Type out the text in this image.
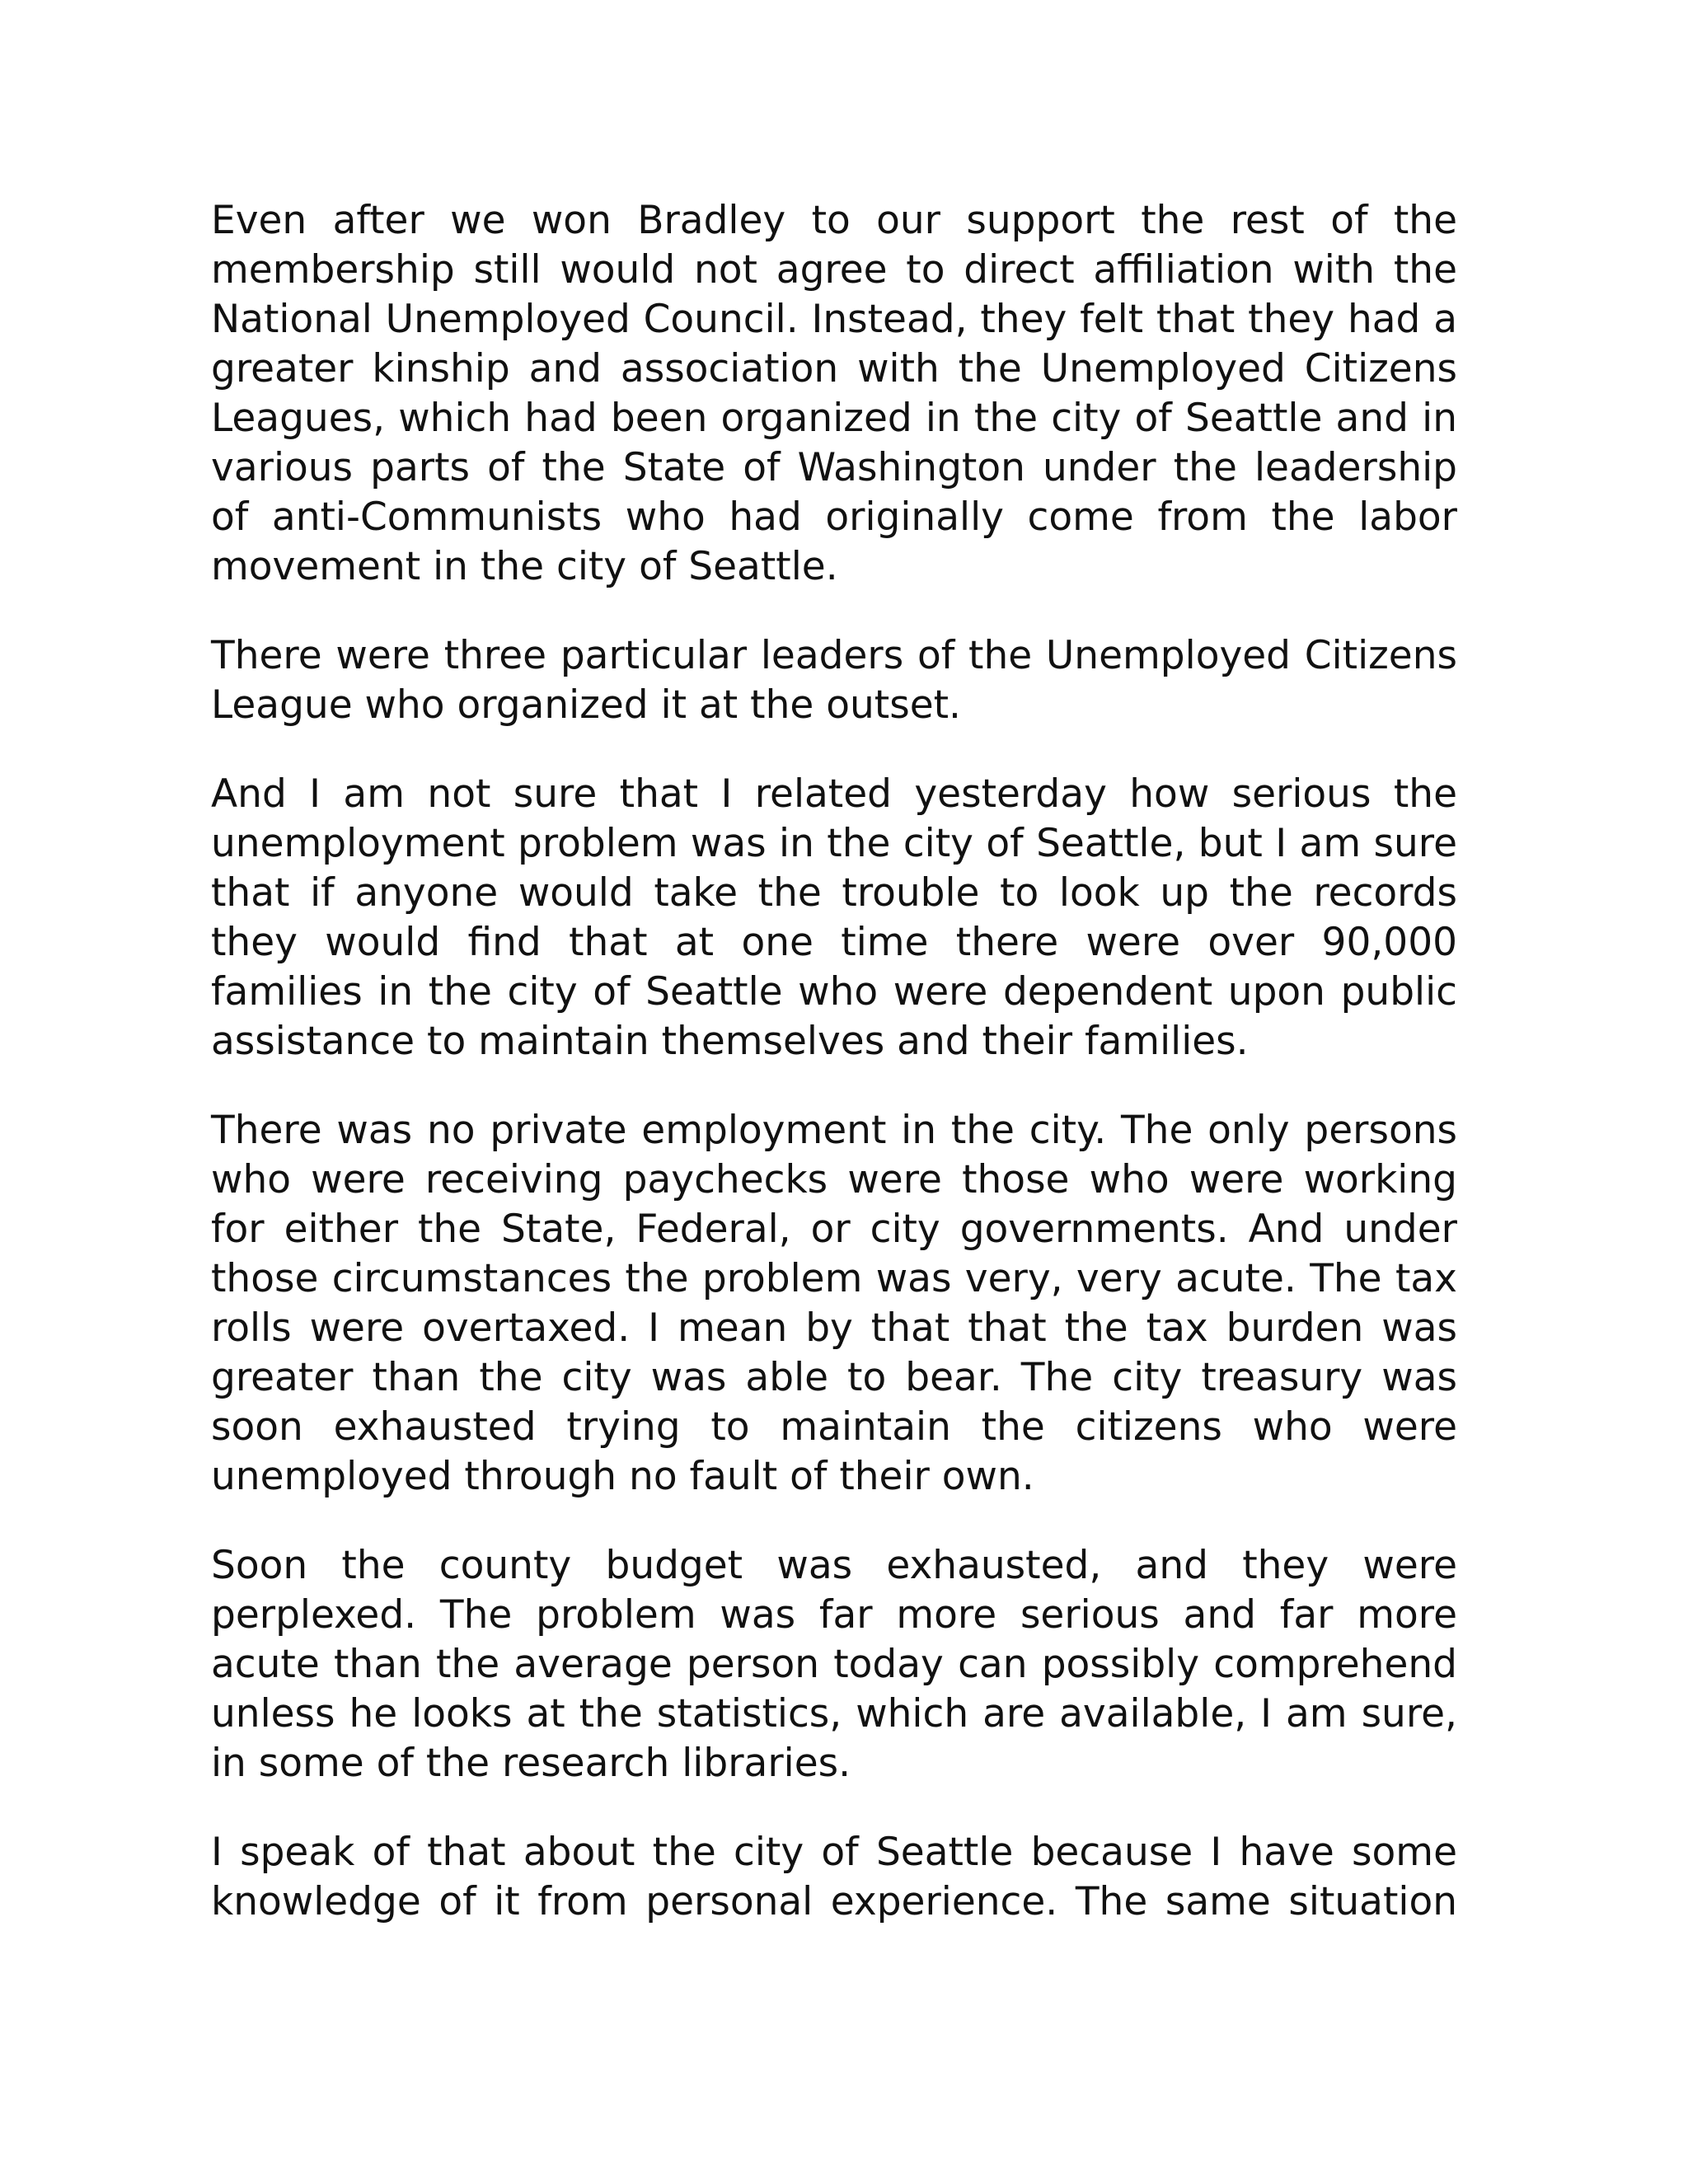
Even after we won Bradley to our support the rest of the membership still would not agree to direct affiliation with the National Unemployed Council. Instead, they felt that they had a greater kinship and association with the Unemployed Citizens Leagues, which had been organized in the city of Seattle and in various parts of the State of Washington under the leadership of anti-Communists who had originally come from the labor movement in the city of Seattle.

There were three particular leaders of the Unemployed Citizens League who organized it at the outset.

And I am not sure that I related yesterday how serious the unemployment problem was in the city of Seattle, but I am sure that if anyone would take the trouble to look up the records they would find that at one time there were over 90,000 families in the city of Seattle who were dependent upon public assistance to maintain themselves and their families.

There was no private employment in the city. The only persons who were receiving paychecks were those who were working for either the State, Federal, or city governments. And under those circumstances the problem was very, very acute. The tax rolls were overtaxed. I mean by that that the tax burden was greater than the city was able to bear. The city treasury was soon exhausted trying to maintain the citizens who were unemployed through no fault of their own.

Soon the county budget was exhausted, and they were perplexed. The problem was far more serious and far more acute than the average person today can possibly comprehend unless he looks at the statistics, which are available, I am sure, in some of the research libraries.

I speak of that about the city of Seattle because I have some knowledge of it from personal experience. The same situation
